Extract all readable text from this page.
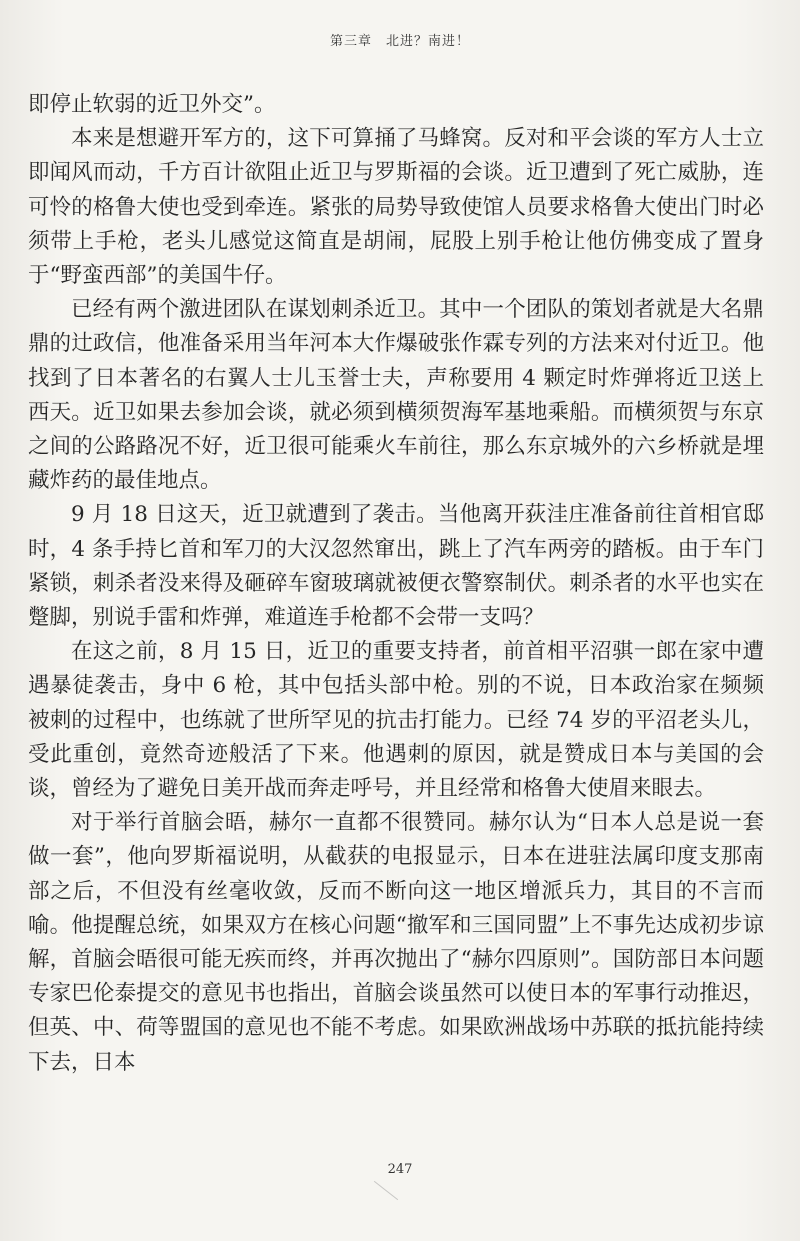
第三章　北进？南进！

即停止软弱的近卫外交”。

本来是想避开军方的，这下可算捅了马蜂窝。反对和平会谈的军方人士立即闻风而动，千方百计欲阻止近卫与罗斯福的会谈。近卫遭到了死亡威胁，连可怜的格鲁大使也受到牵连。紧张的局势导致使馆人员要求格鲁大使出门时必须带上手枪，老头儿感觉这简直是胡闹，屁股上别手枪让他仿佛变成了置身于“野蛮西部”的美国牛仔。

已经有两个激进团队在谋划刺杀近卫。其中一个团队的策划者就是大名鼎鼎的辻政信，他准备采用当年河本大作爆破张作霖专列的方法来对付近卫。他找到了日本著名的右翼人士儿玉誉士夫，声称要用 4 颗定时炸弹将近卫送上西天。近卫如果去参加会谈，就必须到横须贺海军基地乘船。而横须贺与东京之间的公路路况不好，近卫很可能乘火车前往，那么东京城外的六乡桥就是埋藏炸药的最佳地点。

9 月 18 日这天，近卫就遭到了袭击。当他离开荻洼庄准备前往首相官邸时，4 条手持匕首和军刀的大汉忽然窜出，跳上了汽车两旁的踏板。由于车门紧锁，刺杀者没来得及砸碎车窗玻璃就被便衣警察制伏。刺杀者的水平也实在蹩脚，别说手雷和炸弹，难道连手枪都不会带一支吗？

在这之前，8 月 15 日，近卫的重要支持者，前首相平沼骐一郎在家中遭遇暴徒袭击，身中 6 枪，其中包括头部中枪。别的不说，日本政治家在频频被刺的过程中，也练就了世所罕见的抗击打能力。已经 74 岁的平沼老头儿，受此重创，竟然奇迹般活了下来。他遇刺的原因，就是赞成日本与美国的会谈，曾经为了避免日美开战而奔走呼号，并且经常和格鲁大使眉来眼去。

对于举行首脑会晤，赫尔一直都不很赞同。赫尔认为“日本人总是说一套做一套”，他向罗斯福说明，从截获的电报显示，日本在进驻法属印度支那南部之后，不但没有丝毫收敛，反而不断向这一地区增派兵力，其目的不言而喻。他提醒总统，如果双方在核心问题“撤军和三国同盟”上不事先达成初步谅解，首脑会晤很可能无疾而终，并再次抛出了“赫尔四原则”。国防部日本问题专家巴伦泰提交的意见书也指出，首脑会谈虽然可以使日本的军事行动推迟，但英、中、荷等盟国的意见也不能不考虑。如果欧洲战场中苏联的抵抗能持续下去，日本

247
